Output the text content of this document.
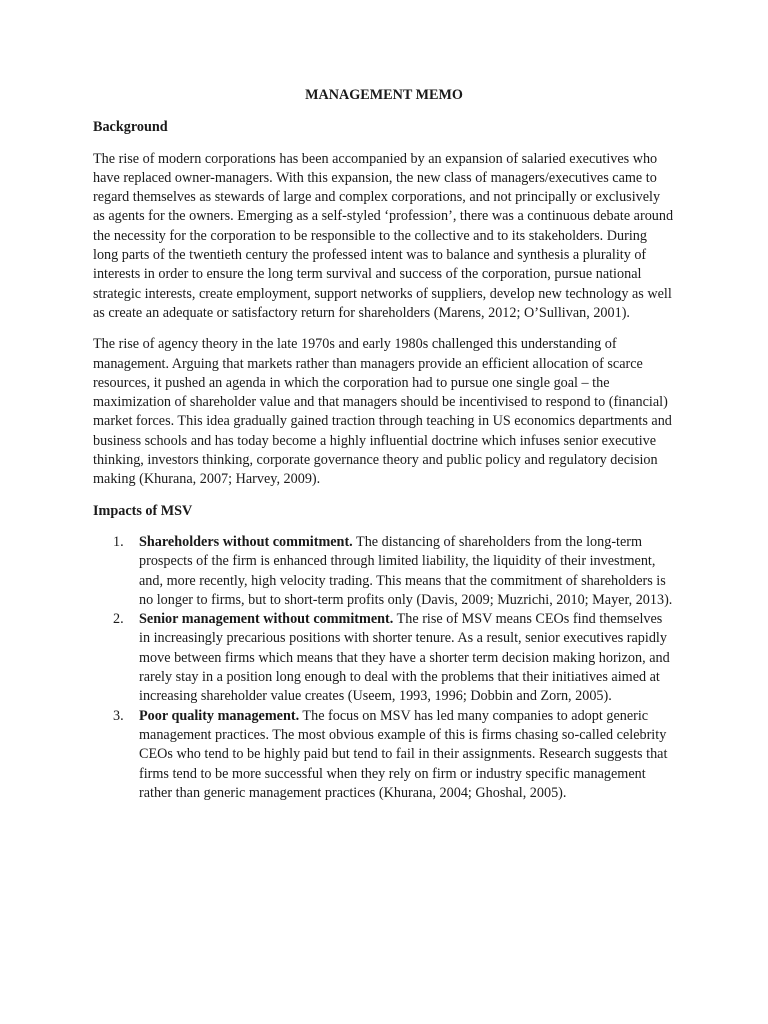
MANAGEMENT MEMO
Background

The rise of modern corporations has been accompanied by an expansion of salaried executives who have replaced owner-managers. With this expansion, the new class of managers/executives came to regard themselves as stewards of large and complex corporations, and not principally or exclusively as agents for the owners. Emerging as a self-styled ‘profession’, there was a continuous debate around the necessity for the corporation to be responsible to the collective and to its stakeholders. During long parts of the twentieth century the professed intent was to balance and synthesis a plurality of interests in order to ensure the long term survival and success of the corporation, pursue national strategic interests, create employment, support networks of suppliers, develop new technology as well as create an adequate or satisfactory return for shareholders (Marens, 2012; O’Sullivan, 2001).

The rise of agency theory in the late 1970s and early 1980s challenged this understanding of management. Arguing that markets rather than managers provide an efficient allocation of scarce resources, it pushed an agenda in which the corporation had to pursue one single goal – the maximization of shareholder value and that managers should be incentivised to respond to (financial) market forces. This idea gradually gained traction through teaching in US economics departments and business schools and has today become a highly influential doctrine which infuses senior executive thinking, investors thinking, corporate governance theory and public policy and regulatory decision making (Khurana, 2007; Harvey, 2009).

Impacts of MSV
1. Shareholders without commitment. The distancing of shareholders from the long-term prospects of the firm is enhanced through limited liability, the liquidity of their investment, and, more recently, high velocity trading. This means that the commitment of shareholders is no longer to firms, but to short-term profits only (Davis, 2009; Muzrichi, 2010; Mayer, 2013).
2. Senior management without commitment. The rise of MSV means CEOs find themselves in increasingly precarious positions with shorter tenure. As a result, senior executives rapidly move between firms which means that they have a shorter term decision making horizon, and rarely stay in a position long enough to deal with the problems that their initiatives aimed at increasing shareholder value creates (Useem, 1993, 1996; Dobbin and Zorn, 2005).
3. Poor quality management. The focus on MSV has led many companies to adopt generic management practices. The most obvious example of this is firms chasing so-called celebrity CEOs who tend to be highly paid but tend to fail in their assignments. Research suggests that firms tend to be more successful when they rely on firm or industry specific management rather than generic management practices (Khurana, 2004; Ghoshal, 2005).
